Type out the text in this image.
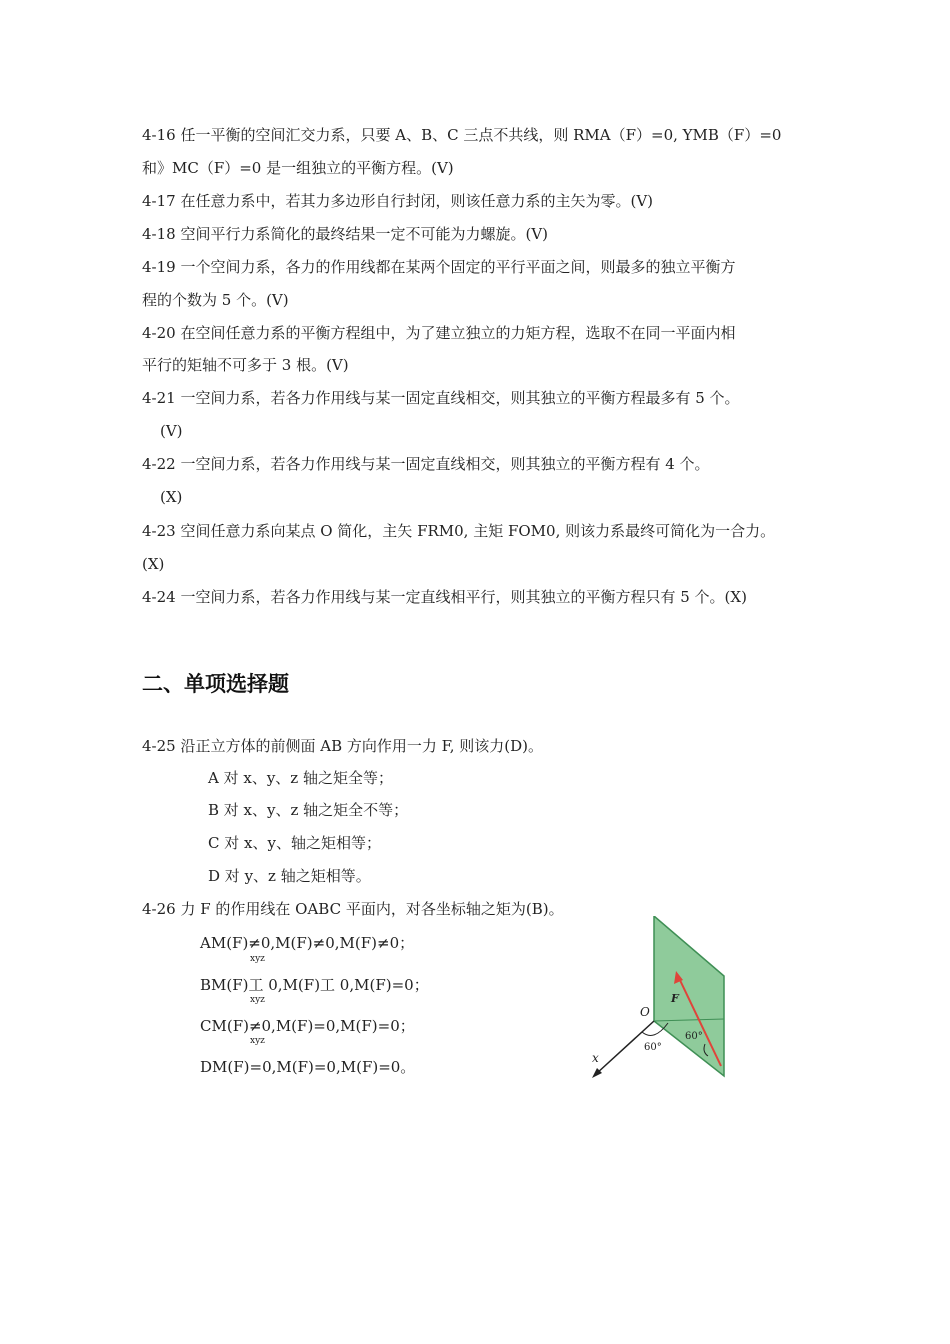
4-16 任一平衡的空间汇交力系，只要 A、B、C 三点不共线，则 RMA（F）=0, ΥMB（F）=0
和》MC（F）=0 是一组独立的平衡方程。(V)
4-17 在任意力系中，若其力多边形自行封闭，则该任意力系的主矢为零。(V)
4-18 空间平行力系简化的最终结果一定不可能为力螺旋。(V)
4-19 一个空间力系，各力的作用线都在某两个固定的平行平面之间，则最多的独立平衡方
程的个数为 5 个。(V)
4-20 在空间任意力系的平衡方程组中，为了建立独立的力矩方程，选取不在同一平面内相
平行的矩轴不可多于 3 根。(V)
4-21 一空间力系，若各力作用线与某一固定直线相交，则其独立的平衡方程最多有 5 个。
(V)
4-22 一空间力系，若各力作用线与某一固定直线相交，则其独立的平衡方程有 4 个。
(X)
4-23 空间任意力系向某点 O 简化，主矢 FRM0, 主矩 FOM0, 则该力系最终可简化为一合力。
(X)
4-24 一空间力系，若各力作用线与某一定直线相平行，则其独立的平衡方程只有 5 个。(X)
二、单项选择题
4-25 沿正立方体的前侧面 AB 方向作用一力 F, 则该力(D)。
A 对 x、y、z 轴之矩全等；
B 对 x、y、z 轴之矩全不等；
C 对 x、y、轴之矩相等；
D 对 y、z 轴之矩相等。
4-26 力 F 的作用线在 OABC 平面内，对各坐标轴之矩为(B)。
AM(F)≠0,M(F)≠0,M(F)≠0；
xyz
BM(F)工 0,M(F)工 0,M(F)=0；
xyz
CM(F)≠0,M(F)=0,M(F)=0；
xyz
DM(F)=0,M(F)=0,M(F)=0。
O
x
F
60°
60°
